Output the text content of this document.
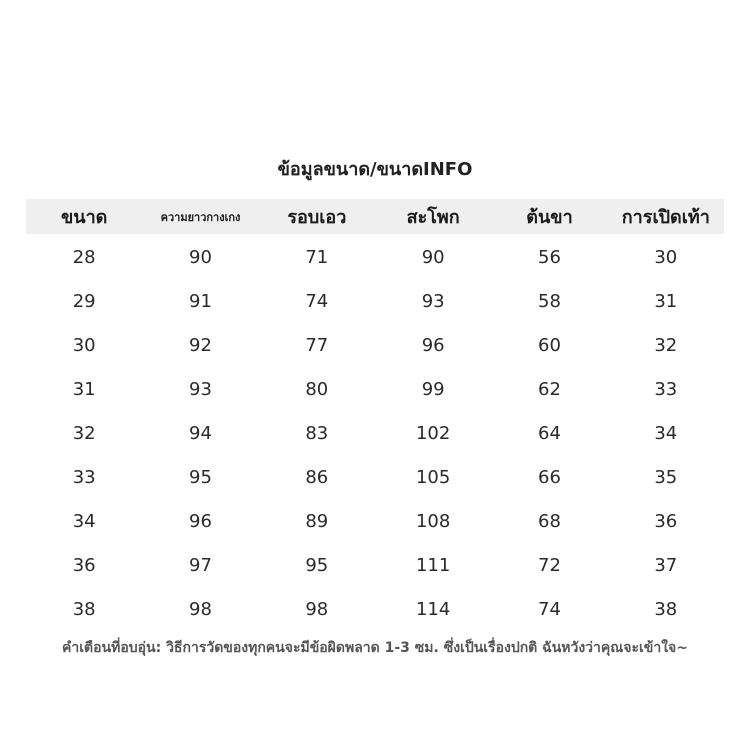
ข้อมูลขนาด/ขนาดINFO
ขนาด	ความยาวกางเกง	รอบเอว	สะโพก	ต้นขา	การเปิดเท้า
28	90	71	90	56	30
29	91	74	93	58	31
30	92	77	96	60	32
31	93	80	99	62	33
32	94	83	102	64	34
33	95	86	105	66	35
34	96	89	108	68	36
36	97	95	111	72	37
38	98	98	114	74	38
คำเตือนที่อบอุ่น: วิธีการวัดของทุกคนจะมีข้อผิดพลาด 1-3 ซม. ซึ่งเป็นเรื่องปกติ ฉันหวังว่าคุณจะเข้าใจ~
